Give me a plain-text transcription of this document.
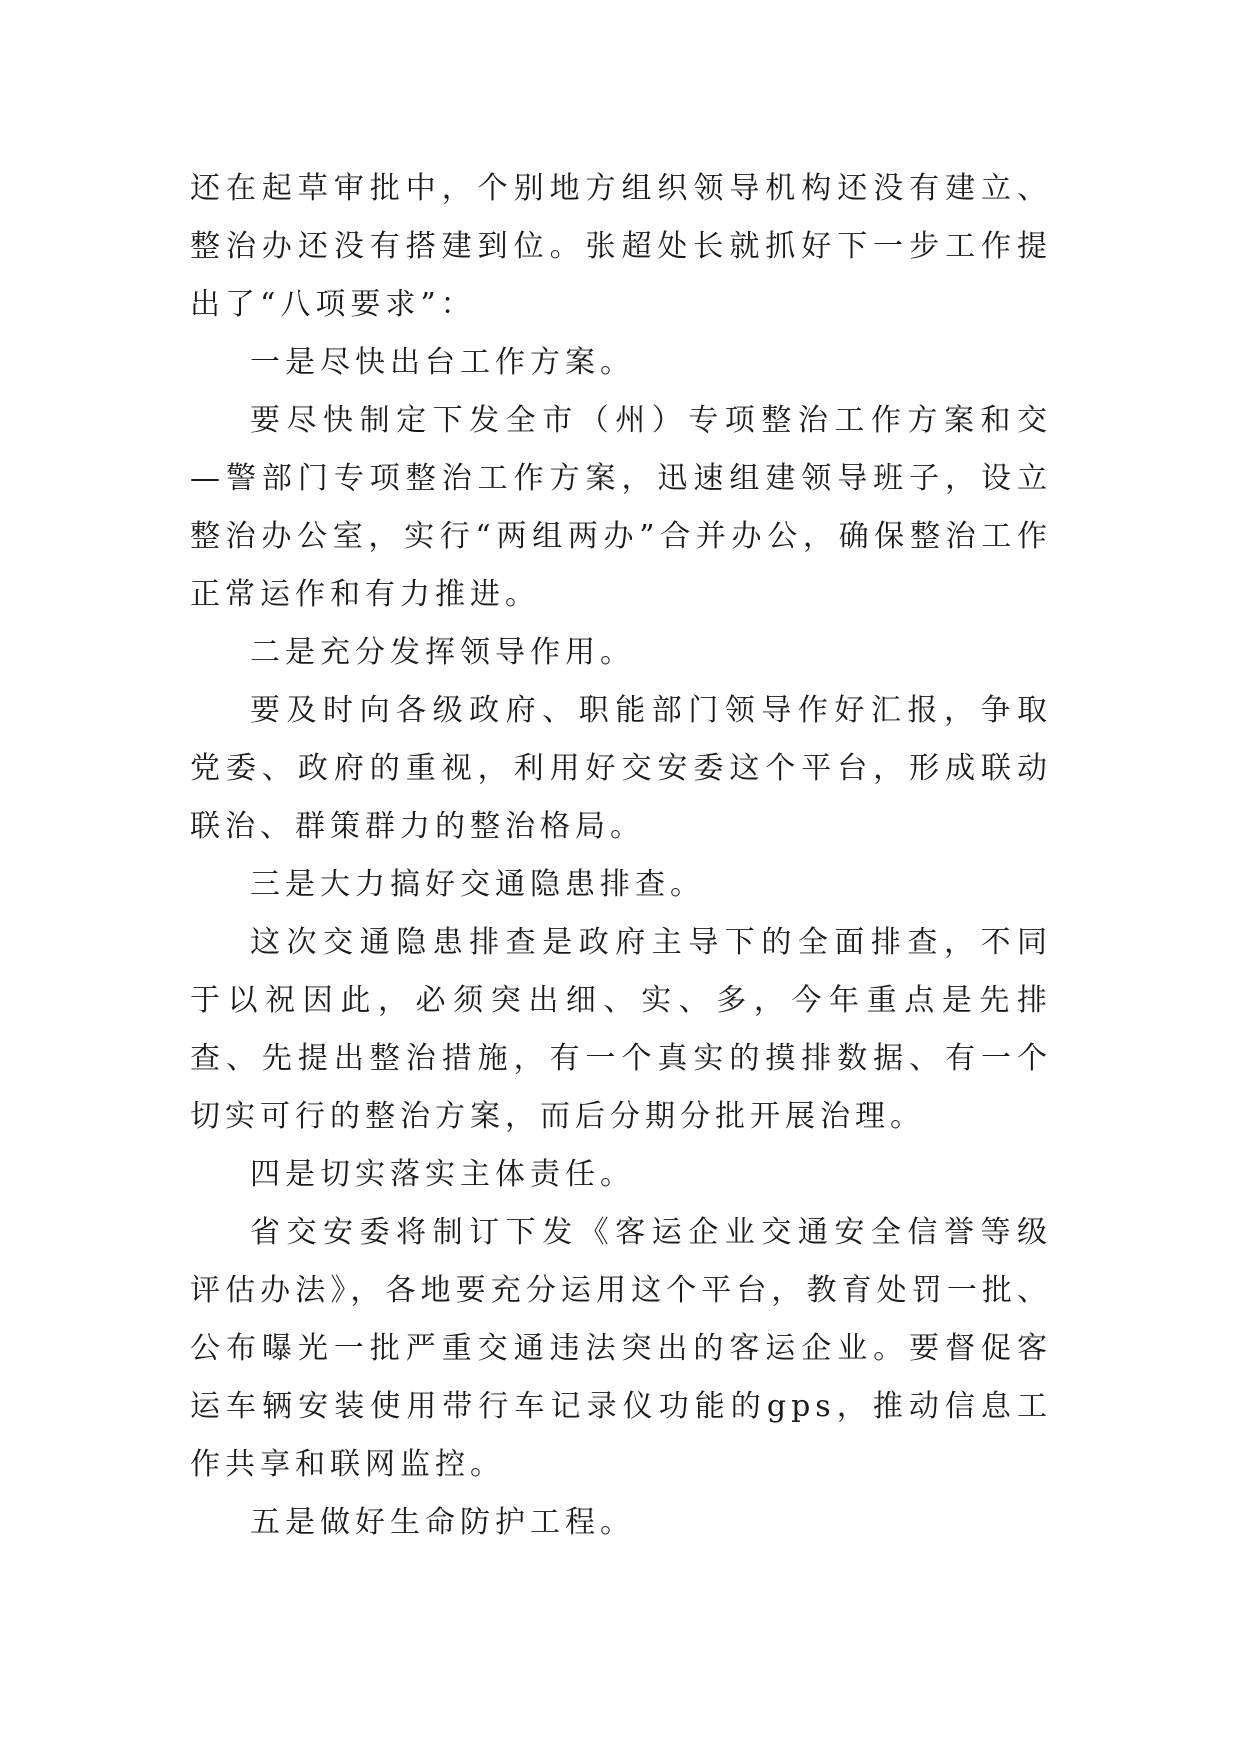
还在起草审批中，个别地方组织领导机构还没有建立、整治办还没有搭建到位。张超处长就抓好下一步工作提出了“八项要求”：

一是尽快出台工作方案。

要尽快制定下发全市（州）专项整治工作方案和交—警部门专项整治工作方案，迅速组建领导班子，设立整治办公室，实行“两组两办”合并办公，确保整治工作正常运作和有力推进。

二是充分发挥领导作用。

要及时向各级政府、职能部门领导作好汇报，争取党委、政府的重视，利用好交安委这个平台，形成联动联治、群策群力的整治格局。

三是大力搞好交通隐患排查。

这次交通隐患排查是政府主导下的全面排查，不同于以祝因此，必须突出细、实、多，今年重点是先排查、先提出整治措施，有一个真实的摸排数据、有一个切实可行的整治方案，而后分期分批开展治理。

四是切实落实主体责任。

省交安委将制订下发《客运企业交通安全信誉等级评估办法》，各地要充分运用这个平台，教育处罚一批、公布曝光一批严重交通违法突出的客运企业。要督促客运车辆安装使用带行车记录仪功能的gps，推动信息工作共享和联网监控。

五是做好生命防护工程。
